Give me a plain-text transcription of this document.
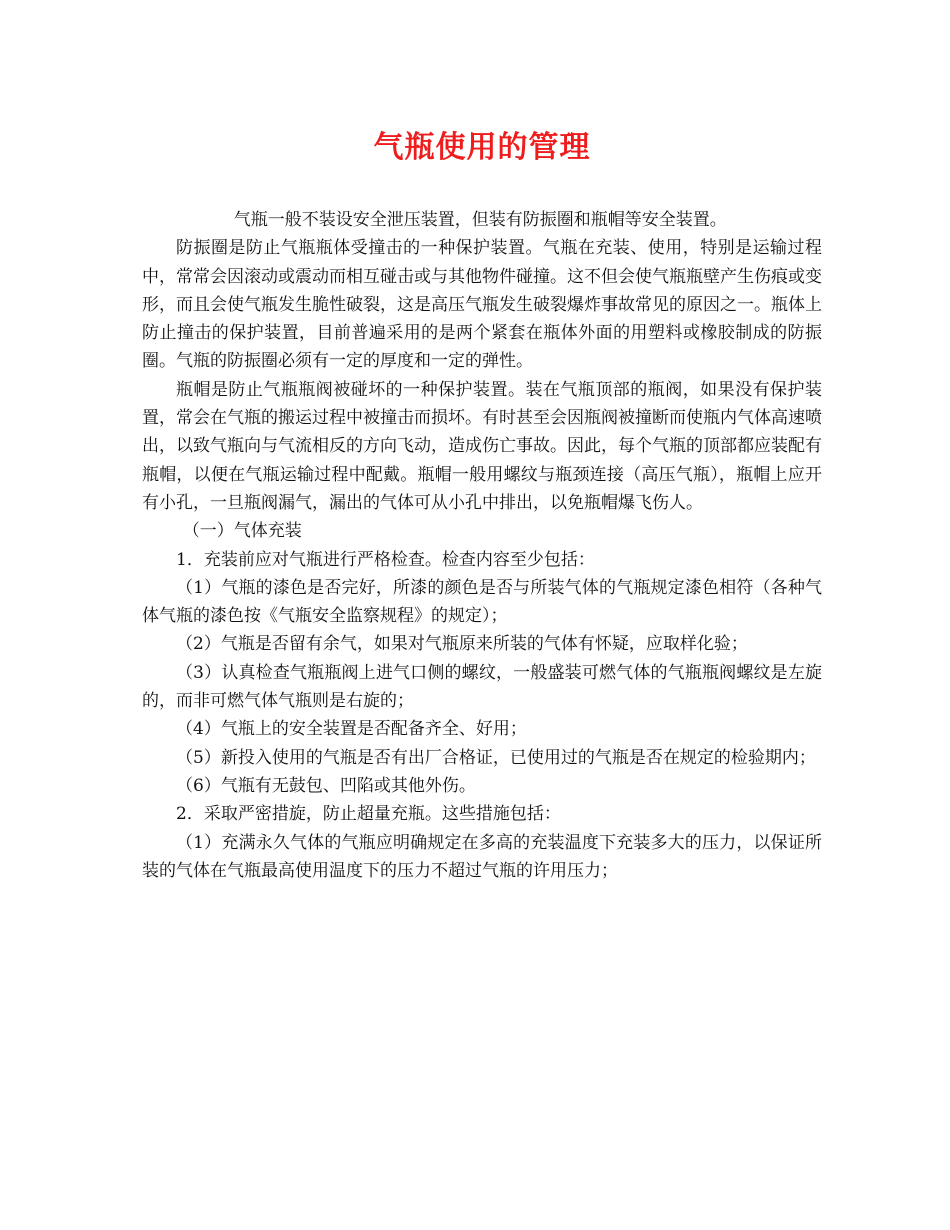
气瓶使用的管理

气瓶一般不装设安全泄压装置，但装有防振圈和瓶帽等安全装置。

防振圈是防止气瓶瓶体受撞击的一种保护装置。气瓶在充装、使用，特别是运输过程中，常常会因滚动或震动而相互碰击或与其他物件碰撞。这不但会使气瓶瓶壁产生伤痕或变形，而且会使气瓶发生脆性破裂，这是高压气瓶发生破裂爆炸事故常见的原因之一。瓶体上防止撞击的保护装置，目前普遍采用的是两个紧套在瓶体外面的用塑料或橡胶制成的防振圈。气瓶的防振圈必须有一定的厚度和一定的弹性。

瓶帽是防止气瓶瓶阀被碰坏的一种保护装置。装在气瓶顶部的瓶阀，如果没有保护装置，常会在气瓶的搬运过程中被撞击而损坏。有时甚至会因瓶阀被撞断而使瓶内气体高速喷出，以致气瓶向与气流相反的方向飞动，造成伤亡事故。因此，每个气瓶的顶部都应装配有瓶帽，以便在气瓶运输过程中配戴。瓶帽一般用螺纹与瓶颈连接（高压气瓶），瓶帽上应开有小孔，一旦瓶阀漏气，漏出的气体可从小孔中排出，以免瓶帽爆飞伤人。

（一）气体充装

1．充装前应对气瓶进行严格检查。检查内容至少包括：

（1）气瓶的漆色是否完好，所漆的颜色是否与所装气体的气瓶规定漆色相符（各种气体气瓶的漆色按《气瓶安全监察规程》的规定）；

（2）气瓶是否留有余气，如果对气瓶原来所装的气体有怀疑，应取样化验；

（3）认真检查气瓶瓶阀上进气口侧的螺纹，一般盛装可燃气体的气瓶瓶阀螺纹是左旋的，而非可燃气体气瓶则是右旋的；

（4）气瓶上的安全装置是否配备齐全、好用；

（5）新投入使用的气瓶是否有出厂合格证，已使用过的气瓶是否在规定的检验期内；

（6）气瓶有无鼓包、凹陷或其他外伤。

2．采取严密措旋，防止超量充瓶。这些措施包括：

（1）充满永久气体的气瓶应明确规定在多高的充装温度下充装多大的压力，以保证所装的气体在气瓶最高使用温度下的压力不超过气瓶的许用压力；
